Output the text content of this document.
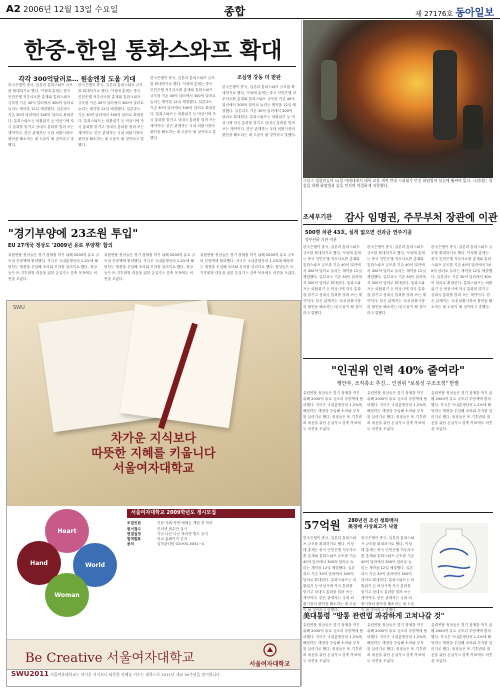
A2 2006년 12월 13일 수요일	종합	제 27176호 동아일보
한중-한일 통화스와프 확대
각각 300억달러로… 원송엔정 도움 기대
한국은행이 중국, 일본과 통화스와프 규모를 확대하기로 했다. 이성태 총재는 중국 인민은행 저우샤오촨 총재와 통화스와프 규모를 기존 40억 달러에서 300억 달러로 늘리는 계약을 12일 체결했다. 일본과도 기존 30억 달러에서 300억 달러로 확대한다. 통화스와프는 외환위기 등 비상시에 자국 통화를 맡기고 상대국 통화를 빌려 쓰는 계약이다. 한은 관계자는 국내 외환시장의 불안을 해소하는 데 도움이 될 것이라고 말했다.
한국은행이 중국, 일본과 통화스와프 규모를 확대하기로 했다. 이성태 총재는 중국 인민은행 저우샤오촨 총재와 통화스와프 규모를 기존 40억 달러에서 300억 달러로 늘리는 계약을 12일 체결했다. 일본과도 기존 30억 달러에서 300억 달러로 확대한다. 통화스와프는 외환위기 등 비상시에 자국 통화를 맡기고 상대국 통화를 빌려 쓰는 계약이다. 한은 관계자는 국내 외환시장의 불안을 해소하는 데 도움이 될 것이라고 말했다.
한국은행이 중국, 일본과 통화스와프 규모를 확대하기로 했다. 이성태 총재는 중국 인민은행 저우샤오촨 총재와 통화스와프 규모를 기존 40억 달러에서 300억 달러로 늘리는 계약을 12일 체결했다. 일본과도 기존 30억 달러에서 300억 달러로 확대한다. 통화스와프는 외환위기 등 비상시에 자국 통화를 맡기고 상대국 통화를 빌려 쓰는 계약이다. 한은 관계자는 국내 외환시장의 불안을 해소하는 데 도움이 될 것이라고 말했다.
조심영 강동 더 받판
한국은행이 중국, 일본과 통화스와프 규모를 확대하기로 했다. 이성태 총재는 중국 인민은행 저우샤오촨 총재와 통화스와프 규모를 기존 40억 달러에서 300억 달러로 늘리는 계약을 12일 체결했다. 일본과도 기존 30억 달러에서 300억 달러로 확대한다. 통화스와프는 외환위기 등 비상시에 자국 통화를 맡기고 상대국 통화를 빌려 쓰는 계약이다. 한은 관계자는 국내 외환시장의 불안을 해소하는 데 도움이 될 것이라고 말했다.
그리스 경찰관들이 12일 아테네에서 대학 교육 개혁 반대 시위대가 던진 화염병의 불길에 휩싸여 있다. 시위대는 경찰을 향해 화염병과 돌을 던지며 격렬하게 저항했다.
"경기부양에 23조원 투입"
EU 27개국 정상도 '2009년 유로 부양책' 합의
유럽연합 정상들은 경기 침체를 막기 위해 2000억 유로 규모의 부양책에 합의했다. 각국은 국내총생산의 1.2%에 해당하는 재정을 투입해 소비와 투자를 살리기로 했다. 정상들은 또 기후변화 대응을 위한 온실가스 감축 목표에도 의견을 모았다.
유럽연합 정상들은 경기 침체를 막기 위해 2000억 유로 규모의 부양책에 합의했다. 각국은 국내총생산의 1.2%에 해당하는 재정을 투입해 소비와 투자를 살리기로 했다. 정상들은 또 기후변화 대응을 위한 온실가스 감축 목표에도 의견을 모았다.
유럽연합 정상들은 경기 침체를 막기 위해 2000억 유로 규모의 부양책에 합의했다. 각국은 국내총생산의 1.2%에 해당하는 재정을 투입해 소비와 투자를 살리기로 했다. 정상들은 또 기후변화 대응을 위한 온실가스 감축 목표에도 의견을 모았다.
SWU
차가운 지식보다
따뜻한 지혜를 키웁니다
서울여자대학교
Heart
Hand	World
Woman
서울여자대학교 2009학년도 정시모집
모집인원	인문·사회·자연·예체능 계열 전 학과
원서접수	인터넷 접수만 실시
면접일정	가군·나군·다군 학과별 별도 공지
합격발표	학교 홈페이지 공지
문의	입학관리팀 02)970-5051~4
Be Creative 서울여자대학교	서울여자대학교
SWU2011 서울여자대학교는 차가운 지식보다 따뜻한 지혜를 키우는 대학으로 2011년 개교 50주년을 맞이합니다.
조세부기관 감사 임명권, 주무부처 장관에 이관
500명 차관 43호, 실적 없으면 선과금 연주기공
정부산하 기관 이관
한국은행이 중국, 일본과 통화스와프 규모를 확대하기로 했다. 이성태 총재는 중국 인민은행 저우샤오촨 총재와 통화스와프 규모를 기존 40억 달러에서 300억 달러로 늘리는 계약을 12일 체결했다. 일본과도 기존 30억 달러에서 300억 달러로 확대한다. 통화스와프는 외환위기 등 비상시에 자국 통화를 맡기고 상대국 통화를 빌려 쓰는 계약이다. 한은 관계자는 국내 외환시장의 불안을 해소하는 데 도움이 될 것이라고 말했다.
한국은행이 중국, 일본과 통화스와프 규모를 확대하기로 했다. 이성태 총재는 중국 인민은행 저우샤오촨 총재와 통화스와프 규모를 기존 40억 달러에서 300억 달러로 늘리는 계약을 12일 체결했다. 일본과도 기존 30억 달러에서 300억 달러로 확대한다. 통화스와프는 외환위기 등 비상시에 자국 통화를 맡기고 상대국 통화를 빌려 쓰는 계약이다. 한은 관계자는 국내 외환시장의 불안을 해소하는 데 도움이 될 것이라고 말했다.
한국은행이 중국, 일본과 통화스와프 규모를 확대하기로 했다. 이성태 총재는 중국 인민은행 저우샤오촨 총재와 통화스와프 규모를 기존 40억 달러에서 300억 달러로 늘리는 계약을 12일 체결했다. 일본과도 기존 30억 달러에서 300억 달러로 확대한다. 통화스와프는 외환위기 등 비상시에 자국 통화를 맡기고 상대국 통화를 빌려 쓰는 계약이다. 한은 관계자는 국내 외환시장의 불안을 해소하는 데 도움이 될 것이라고 말했다.
"인권위 인력 40% 줄여라"
행안부, 조직축소 추진… 인권위 "보복성 구조조정" 반발
유럽연합 정상들은 경기 침체를 막기 위해 2000억 유로 규모의 부양책에 합의했다. 각국은 국내총생산의 1.2%에 해당하는 재정을 투입해 소비와 투자를 살리기로 했다. 정상들은 또 기후변화 대응을 위한 온실가스 감축 목표에도 의견을 모았다.
유럽연합 정상들은 경기 침체를 막기 위해 2000억 유로 규모의 부양책에 합의했다. 각국은 국내총생산의 1.2%에 해당하는 재정을 투입해 소비와 투자를 살리기로 했다. 정상들은 또 기후변화 대응을 위한 온실가스 감축 목표에도 의견을 모았다.
유럽연합 정상들은 경기 침체를 막기 위해 2000억 유로 규모의 부양책에 합의했다. 각국은 국내총생산의 1.2%에 해당하는 재정을 투입해 소비와 투자를 살리기로 했다. 정상들은 또 기후변화 대응을 위한 온실가스 감축 목표에도 의견을 모았다.
57억원 280년전 조선 청화백자
美경매 사상최고가 낙찰
한국은행이 중국, 일본과 통화스와프 규모를 확대하기로 했다. 이성태 총재는 중국 인민은행 저우샤오촨 총재와 통화스와프 규모를 기존 40억 달러에서 300억 달러로 늘리는 계약을 12일 체결했다. 일본과도 기존 30억 달러에서 300억 달러로 확대한다. 통화스와프는 외환위기 등 비상시에 자국 통화를 맡기고 상대국 통화를 빌려 쓰는 계약이다. 한은 관계자는 국내 외환시장의 불안을 해소하는 데 도움이 될 것이라고 말했다.
한국은행이 중국, 일본과 통화스와프 규모를 확대하기로 했다. 이성태 총재는 중국 인민은행 저우샤오촨 총재와 통화스와프 규모를 기존 40억 달러에서 300억 달러로 늘리는 계약을 12일 체결했다. 일본과도 기존 30억 달러에서 300억 달러로 확대한다. 통화스와프는 외환위기 등 비상시에 자국 통화를 맡기고 상대국 통화를 빌려 쓰는 계약이다. 한은 관계자는 국내 외환시장의 불안을 해소하는 데 도움이 될 것이라고 말했다.
美대통령 "방통 관련법 과감하게 고쳐나갈 것"
유럽연합 정상들은 경기 침체를 막기 위해 2000억 유로 규모의 부양책에 합의했다. 각국은 국내총생산의 1.2%에 해당하는 재정을 투입해 소비와 투자를 살리기로 했다. 정상들은 또 기후변화 대응을 위한 온실가스 감축 목표에도 의견을 모았다.
유럽연합 정상들은 경기 침체를 막기 위해 2000억 유로 규모의 부양책에 합의했다. 각국은 국내총생산의 1.2%에 해당하는 재정을 투입해 소비와 투자를 살리기로 했다. 정상들은 또 기후변화 대응을 위한 온실가스 감축 목표에도 의견을 모았다.
유럽연합 정상들은 경기 침체를 막기 위해 2000억 유로 규모의 부양책에 합의했다. 각국은 국내총생산의 1.2%에 해당하는 재정을 투입해 소비와 투자를 살리기로 했다. 정상들은 또 기후변화 대응을 위한 온실가스 감축 목표에도 의견을 모았다.
